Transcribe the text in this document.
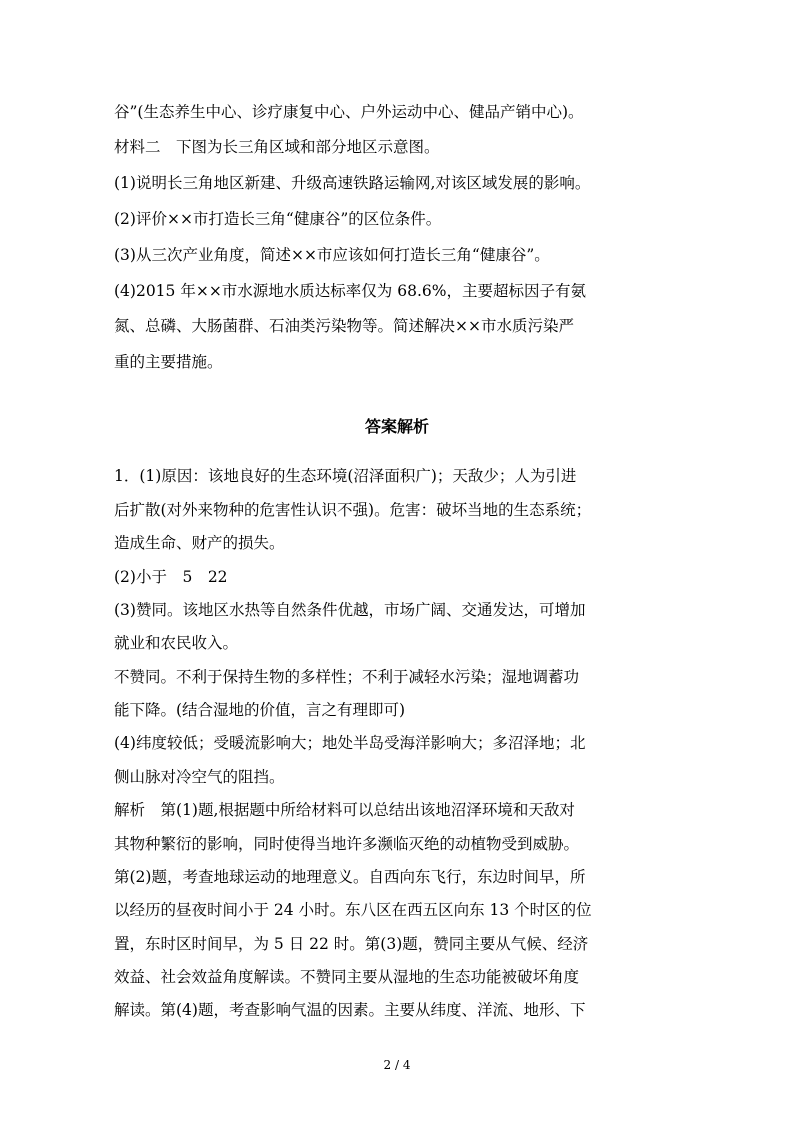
谷”(生态养生中心、诊疗康复中心、户外运动中心、健品产销中心)。
材料二　下图为长三角区域和部分地区示意图。
(1)说明长三角地区新建、升级高速铁路运输网,对该区域发展的影响。
(2)评价××市打造长三角“健康谷”的区位条件。
(3)从三次产业角度，简述××市应该如何打造长三角“健康谷”。
(4)2015 年××市水源地水质达标率仅为 68.6%，主要超标因子有氨
氮、总磷、大肠菌群、石油类污染物等。简述解决××市水质污染严
重的主要措施。
答案解析
1．(1)原因：该地良好的生态环境(沼泽面积广)；天敌少；人为引进
后扩散(对外来物种的危害性认识不强)。危害：破坏当地的生态系统；
造成生命、财产的损失。
(2)小于　5　22
(3)赞同。该地区水热等自然条件优越，市场广阔、交通发达，可增加
就业和农民收入。
不赞同。不利于保持生物的多样性；不利于减轻水污染；湿地调蓄功
能下降。(结合湿地的价值，言之有理即可)
(4)纬度较低；受暖流影响大；地处半岛受海洋影响大；多沼泽地；北
侧山脉对冷空气的阻挡。
解析　第(1)题,根据题中所给材料可以总结出该地沼泽环境和天敌对
其物种繁衍的影响，同时使得当地许多濒临灭绝的动植物受到威胁。
第(2)题，考查地球运动的地理意义。自西向东飞行，东边时间早，所
以经历的昼夜时间小于 24 小时。东八区在西五区向东 13 个时区的位
置，东时区时间早，为 5 日 22 时。第(3)题，赞同主要从气候、经济
效益、社会效益角度解读。不赞同主要从湿地的生态功能被破坏角度
解读。第(4)题，考查影响气温的因素。主要从纬度、洋流、地形、下
2 / 4
